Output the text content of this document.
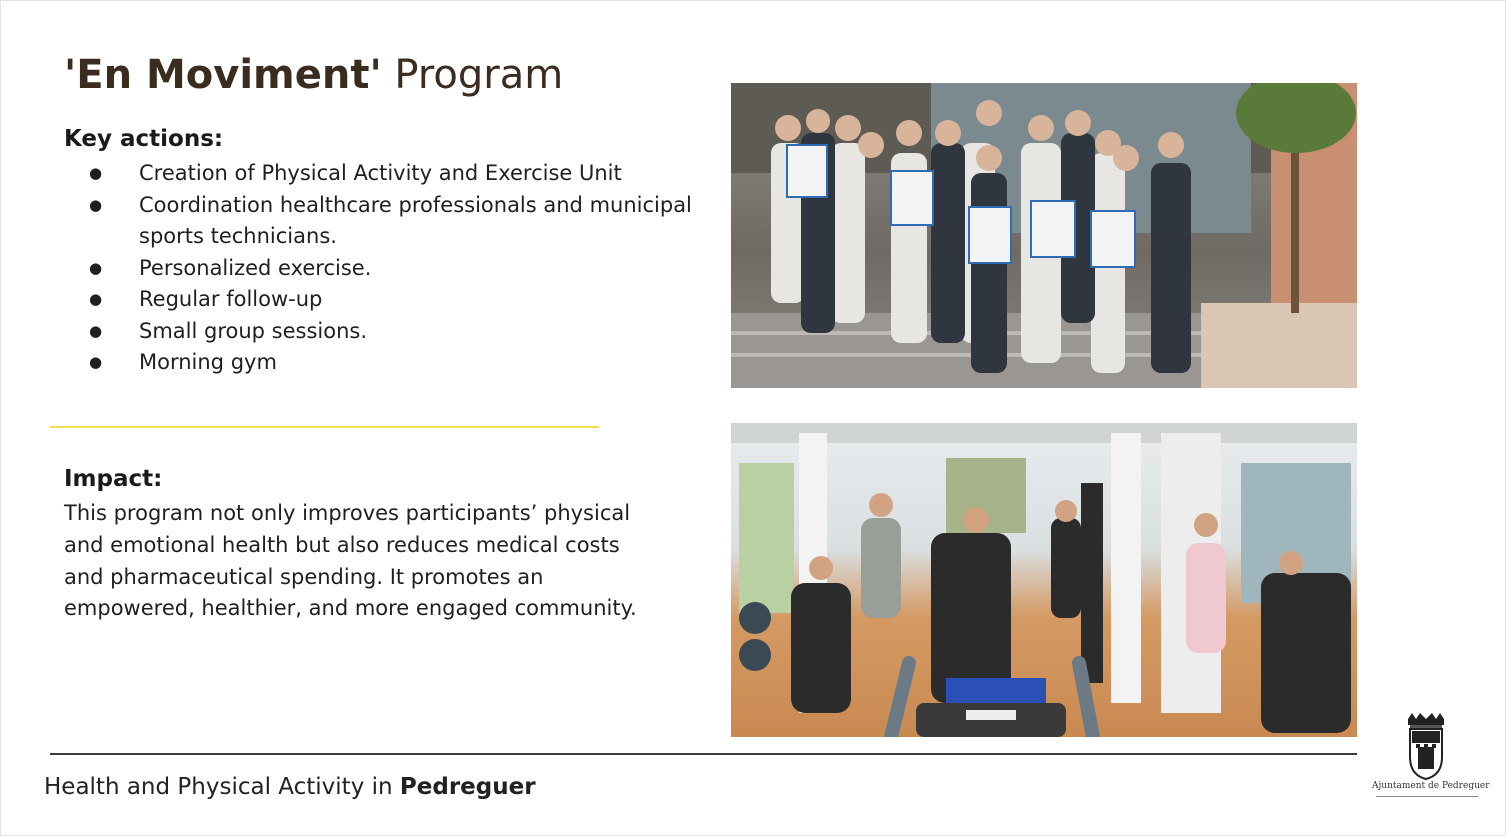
'En Moviment' Program
Key actions:
● Creation of Physical Activity and Exercise Unit
● Coordination healthcare professionals and municipal sports technicians.
● Personalized exercise.
● Regular follow-up
● Small group sessions.
● Morning gym
Impact:
This program not only improves participants’ physical and emotional health but also reduces medical costs and pharmaceutical spending. It promotes an empowered, healthier, and more engaged community.
Health and Physical Activity in Pedreguer	Ajuntament de Pedreguer
